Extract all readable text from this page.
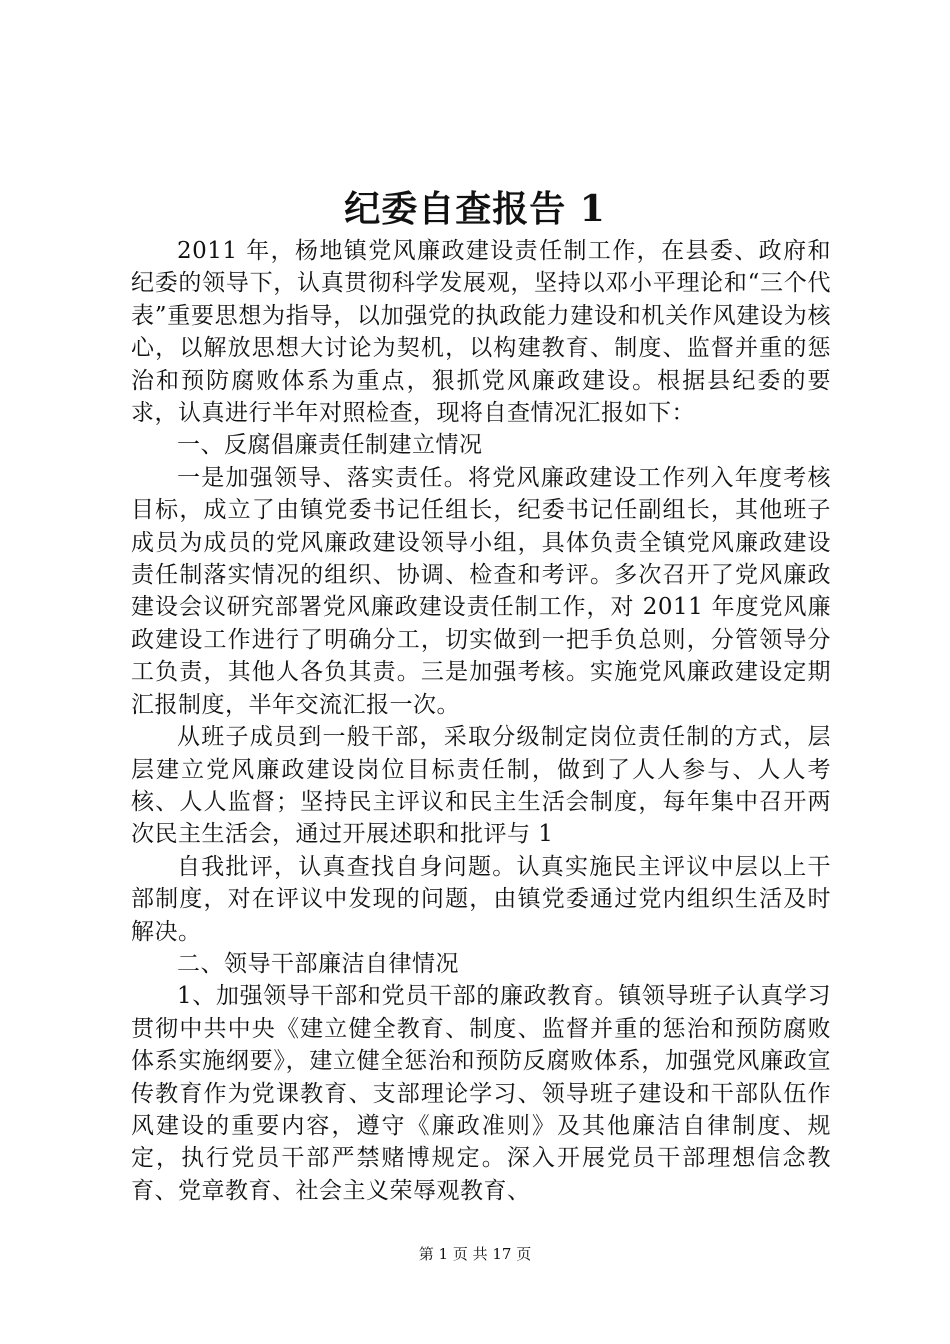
纪委自查报告 1

2011 年，杨地镇党风廉政建设责任制工作，在县委、政府和纪委的领导下，认真贯彻科学发展观，坚持以邓小平理论和“三个代表”重要思想为指导，以加强党的执政能力建设和机关作风建设为核心，以解放思想大讨论为契机，以构建教育、制度、监督并重的惩治和预防腐败体系为重点，狠抓党风廉政建设。根据县纪委的要求，认真进行半年对照检查，现将自查情况汇报如下：

一、反腐倡廉责任制建立情况

一是加强领导、落实责任。将党风廉政建设工作列入年度考核目标，成立了由镇党委书记任组长，纪委书记任副组长，其他班子成员为成员的党风廉政建设领导小组，具体负责全镇党风廉政建设责任制落实情况的组织、协调、检查和考评。多次召开了党风廉政建设会议研究部署党风廉政建设责任制工作，对 2011 年度党风廉政建设工作进行了明确分工，切实做到一把手负总则，分管领导分工负责，其他人各负其责。三是加强考核。实施党风廉政建设定期汇报制度，半年交流汇报一次。

从班子成员到一般干部，采取分级制定岗位责任制的方式，层层建立党风廉政建设岗位目标责任制，做到了人人参与、人人考核、人人监督；坚持民主评议和民主生活会制度，每年集中召开两次民主生活会，通过开展述职和批评与 1

自我批评，认真查找自身问题。认真实施民主评议中层以上干部制度，对在评议中发现的问题，由镇党委通过党内组织生活及时解决。

二、领导干部廉洁自律情况

1、加强领导干部和党员干部的廉政教育。镇领导班子认真学习贯彻中共中央《建立健全教育、制度、监督并重的惩治和预防腐败体系实施纲要》，建立健全惩治和预防反腐败体系，加强党风廉政宣传教育作为党课教育、支部理论学习、领导班子建设和干部队伍作风建设的重要内容，遵守《廉政准则》及其他廉洁自律制度、规定，执行党员干部严禁赌博规定。深入开展党员干部理想信念教育、党章教育、社会主义荣辱观教育、

第 1 页 共 17 页
